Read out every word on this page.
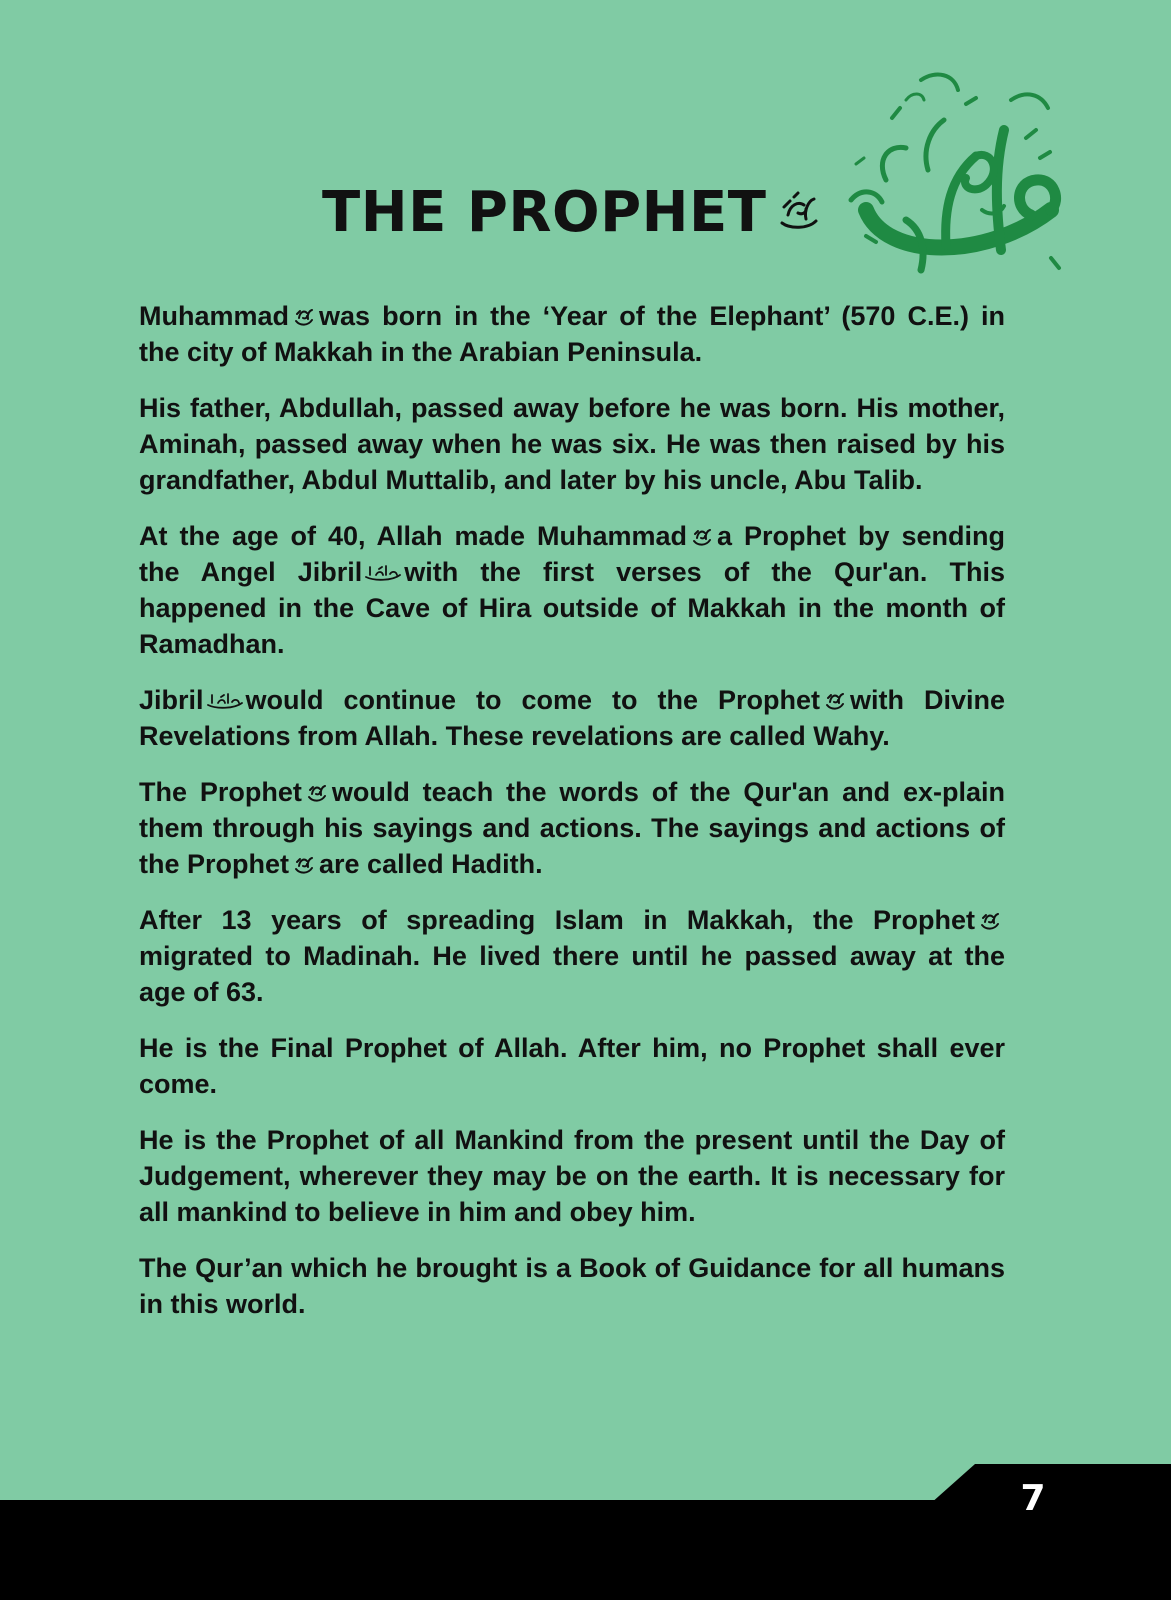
THE PROPHET

Muhammad was born in the ‘Year of the Elephant’ (570 C.E.) in the city of Makkah in the Arabian Peninsula.

His father, Abdullah, passed away before he was born. His mother, Aminah, passed away when he was six. He was then raised by his grandfather, Abdul Muttalib, and later by his uncle, Abu Talib.

At the age of 40, Allah made Muhammad a Prophet by sending the Angel Jibril with the first verses of the Qur'an. This happened in the Cave of Hira outside of Makkah in the month of Ramadhan.

Jibril would continue to come to the Prophet with Divine Revelations from Allah. These revelations are called Wahy.

The Prophet would teach the words of the Qur'an and ex-plain them through his sayings and actions. The sayings and actions of the Prophet are called Hadith.

After 13 years of spreading Islam in Makkah, the Prophetmigrated to Madinah. He lived there until he passed away at the age of 63.

He is the Final Prophet of Allah. After him, no Prophet shall ever come.

He is the Prophet of all Mankind from the present until the Day of Judgement, wherever they may be on the earth. It is necessary for all mankind to believe in him and obey him.

The Qur’an which he brought is a Book of Guidance for all humans in this world.

7
